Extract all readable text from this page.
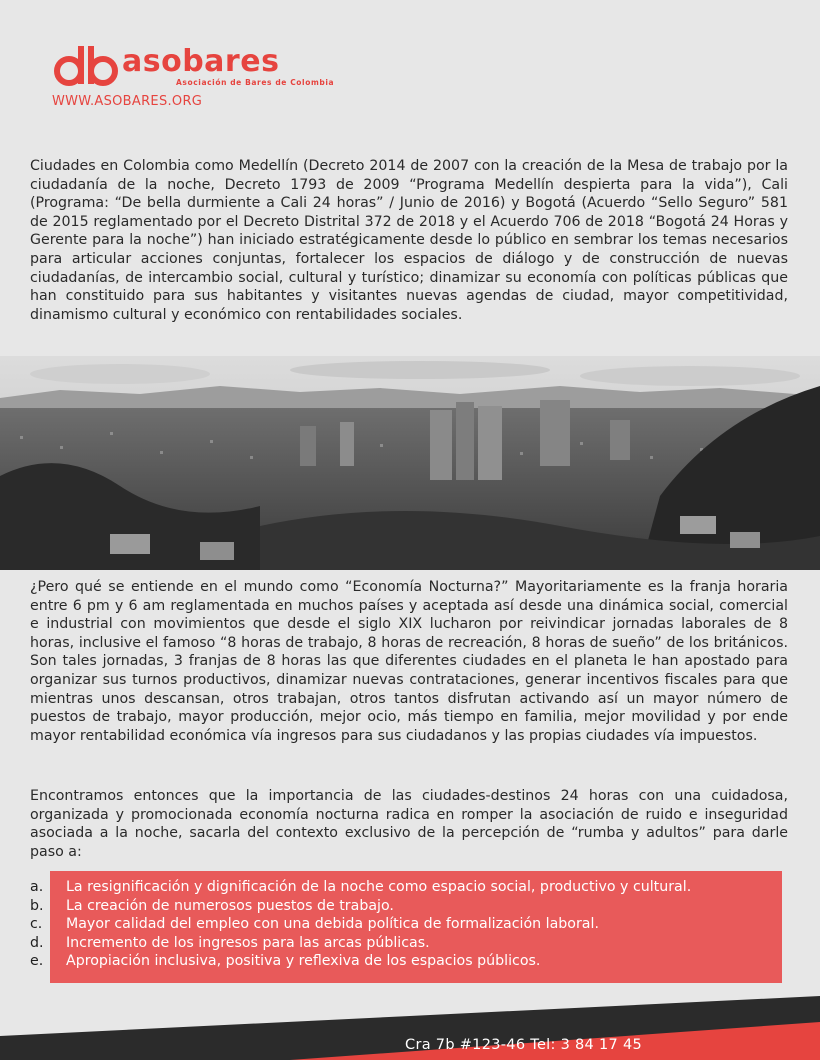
asobares
Asociación de Bares de Colombia
WWW.ASOBARES.ORG

Ciudades en Colombia como Medellín (Decreto 2014 de 2007 con la creación de la Mesa de trabajo por la ciudadanía de la noche, Decreto 1793 de 2009 “Programa Medellín despierta para la vida”), Cali (Programa: “De bella durmiente a Cali 24 horas” / Junio de 2016) y Bogotá (Acuerdo “Sello Seguro” 581 de 2015 reglamentado por el Decreto Distrital 372 de 2018 y el Acuerdo 706 de 2018 “Bogotá 24 Horas y Gerente para la noche”) han iniciado estratégicamente desde lo público en sembrar los temas necesarios para articular acciones conjuntas, fortalecer los espacios de diálogo y de construcción de nuevas ciudadanías, de intercambio social, cultural y turístico; dinamizar su economía con políticas públicas que han constituido para sus habitantes y visitantes nuevas agendas de ciudad, mayor competitividad, dinamismo cultural y económico con rentabilidades sociales.

¿Pero qué se entiende en el mundo como “Economía Nocturna?” Mayoritariamente es la franja horaria entre 6 pm y 6 am reglamentada en muchos países y aceptada así desde una dinámica social, comercial e industrial con movimientos que desde el siglo XIX lucharon por reivindicar jornadas laborales de 8 horas, inclusive el famoso “8 horas de trabajo, 8 horas de recreación, 8 horas de sueño” de los británicos. Son tales jornadas, 3 franjas de 8 horas las que diferentes ciudades en el planeta le han apostado para organizar sus turnos productivos, dinamizar nuevas contrataciones, generar incentivos fiscales para que mientras unos descansan, otros trabajan, otros tantos disfrutan activando así un mayor número de puestos de trabajo, mayor producción, mejor ocio, más tiempo en familia, mejor movilidad y por ende mayor rentabilidad económica vía ingresos para sus ciudadanos y las propias ciudades vía impuestos.

Encontramos entonces que la importancia de las ciudades-destinos 24 horas con una cuidadosa, organizada y promocionada economía nocturna radica en romper la asociación de ruido e inseguridad asociada a la noche, sacarla del contexto exclusivo de la percepción de “rumba y adultos” para darle paso a:

a. La resignificación y dignificación de la noche como espacio social, productivo y cultural.
b. La creación de numerosos puestos de trabajo.
c. Mayor calidad del empleo con una debida política de formalización laboral.
d. Incremento de los ingresos para las arcas públicas.
e. Apropiación inclusiva, positiva y reflexiva de los espacios públicos.
Cra 7b #123-46 Tel: 3 84 17 45
